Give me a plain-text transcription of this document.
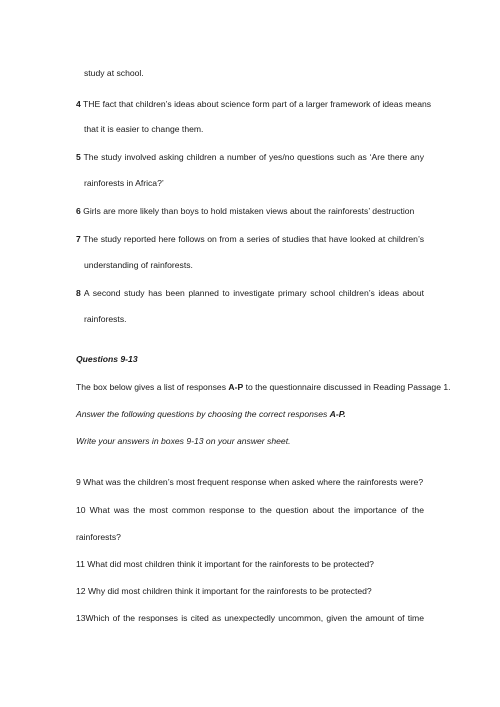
study at school.
4 THE fact that children’s ideas about science form part of a larger framework of ideas means
that it is easier to change them.
5 The study involved asking children a number of yes/no questions such as ‘Are there any
rainforests in Africa?’
6 Girls are more likely than boys to hold mistaken views about the rainforests’ destruction
7 The study reported here follows on from a series of studies that have looked at children’s
understanding of rainforests.
8 A second study has been planned to investigate primary school children’s ideas about
rainforests.
Questions 9-13
The box below gives a list of responses A-P to the questionnaire discussed in Reading Passage 1.
Answer the following questions by choosing the correct responses A-P.
Write your answers in boxes 9-13 on your answer sheet.
9 What was the children’s most frequent response when asked where the rainforests were?
10 What was the most common response to the question about the importance of the
rainforests?
11 What did most children think it important for the rainforests to be protected?
12 Why did most children think it important for the rainforests to be protected?
13Which of the responses is cited as unexpectedly uncommon, given the amount of time
